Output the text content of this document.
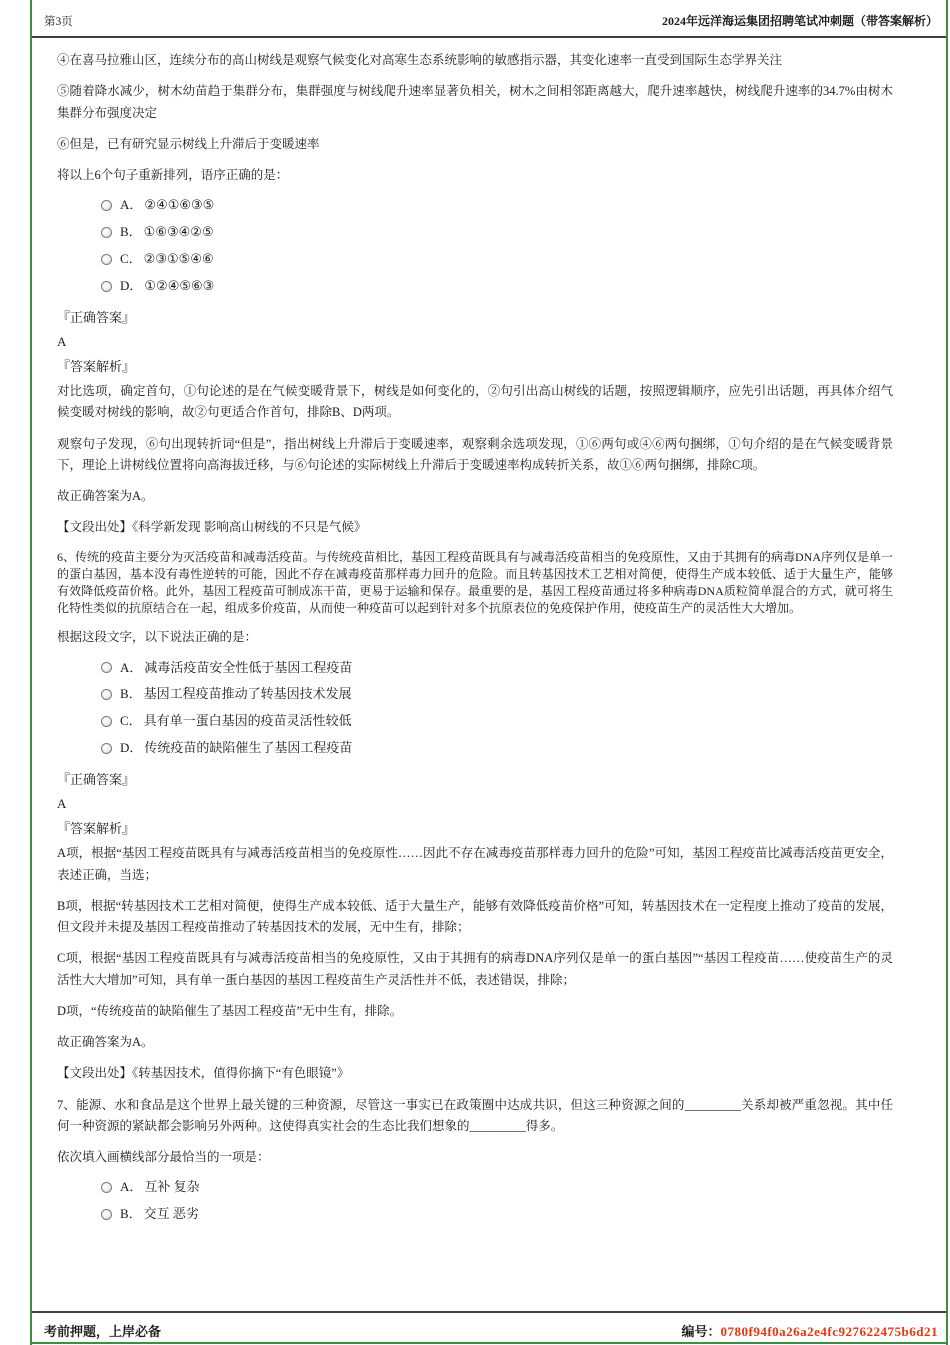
第3页	2024年远洋海运集团招聘笔试冲刺题（带答案解析）

④在喜马拉雅山区，连续分布的高山树线是观察气候变化对高寒生态系统影响的敏感指示器，其变化速率一直受到国际生态学界关注

⑤随着降水减少，树木幼苗趋于集群分布，集群强度与树线爬升速率显著负相关，树木之间相邻距离越大，爬升速率越快，树线爬升速率的34.7%由树木集群分布强度决定

⑥但是，已有研究显示树线上升滞后于变暖速率

将以上6个句子重新排列，语序正确的是：

A． ②④①⑥③⑤
B． ①⑥③④②⑤
C． ②③①⑤④⑥
D． ①②④⑤⑥③

『正确答案』

A

『答案解析』

对比选项，确定首句，①句论述的是在气候变暖背景下，树线是如何变化的，②句引出高山树线的话题，按照逻辑顺序，应先引出话题，再具体介绍气候变暖对树线的影响，故②句更适合作首句，排除B、D两项。

观察句子发现，⑥句出现转折词“但是”，指出树线上升滞后于变暖速率，观察剩余选项发现，①⑥两句或④⑥两句捆绑，①句介绍的是在气候变暖背景下，理论上讲树线位置将向高海拔迁移，与⑥句论述的实际树线上升滞后于变暖速率构成转折关系，故①⑥两句捆绑，排除C项。

故正确答案为A。

【文段出处】《科学新发现 影响高山树线的不只是气候》

6、传统的疫苗主要分为灭活疫苗和减毒活疫苗。与传统疫苗相比，基因工程疫苗既具有与减毒活疫苗相当的免疫原性，又由于其拥有的病毒DNA序列仅是单一的蛋白基因，基本没有毒性逆转的可能，因此不存在减毒疫苗那样毒力回升的危险。而且转基因技术工艺相对简便，使得生产成本较低、适于大量生产，能够有效降低疫苗价格。此外，基因工程疫苗可制成冻干苗，更易于运输和保存。最重要的是，基因工程疫苗通过将多种病毒DNA质粒简单混合的方式，就可将生化特性类似的抗原结合在一起，组成多价疫苗，从而使一种疫苗可以起到针对多个抗原表位的免疫保护作用，使疫苗生产的灵活性大大增加。

根据这段文字，以下说法正确的是：

A． 减毒活疫苗安全性低于基因工程疫苗
B． 基因工程疫苗推动了转基因技术发展
C． 具有单一蛋白基因的疫苗灵活性较低
D． 传统疫苗的缺陷催生了基因工程疫苗

『正确答案』

A

『答案解析』

A项，根据“基因工程疫苗既具有与减毒活疫苗相当的免疫原性……因此不存在减毒疫苗那样毒力回升的危险”可知，基因工程疫苗比减毒活疫苗更安全，表述正确，当选；

B项，根据“转基因技术工艺相对简便，使得生产成本较低、适于大量生产，能够有效降低疫苗价格”可知，转基因技术在一定程度上推动了疫苗的发展，但文段并未提及基因工程疫苗推动了转基因技术的发展，无中生有，排除；

C项，根据“基因工程疫苗既具有与减毒活疫苗相当的免疫原性，又由于其拥有的病毒DNA序列仅是单一的蛋白基因”“基因工程疫苗……使疫苗生产的灵活性大大增加”可知，具有单一蛋白基因的基因工程疫苗生产灵活性并不低，表述错误，排除；

D项，“传统疫苗的缺陷催生了基因工程疫苗”无中生有，排除。

故正确答案为A。

【文段出处】《转基因技术，值得你摘下“有色眼镜”》

7、能源、水和食品是这个世界上最关键的三种资源，尽管这一事实已在政策圈中达成共识，但这三种资源之间的_________关系却被严重忽视。其中任何一种资源的紧缺都会影响另外两种。这使得真实社会的生态比我们想象的_________得多。

依次填入画横线部分最恰当的一项是：

A． 互补 复杂
B． 交互 恶劣
考前押题，上岸必备	编号：0780f94f0a26a2e4fc927622475b6d21
